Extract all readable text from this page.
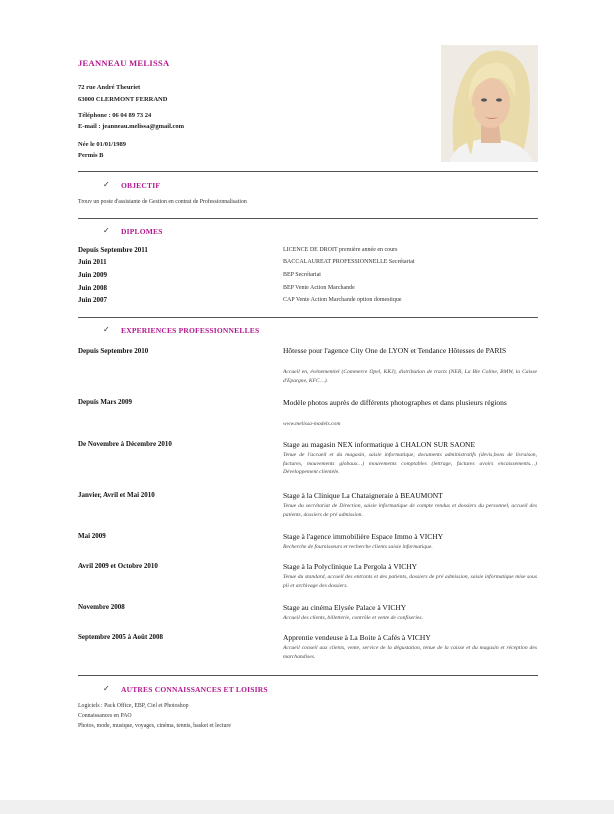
JEANNEAU MELISSA
72 rue André Theuriet
63000 CLERMONT FERRAND
Téléphone : 06 04 89 73 24
E-mail : jeanneau.melissa@gmail.com
Née le 01/01/1989
Permis B
✓ OBJECTIF
Trouv un poste d'assistante de Gestion en contrat de Professionnalisation
✓ DIPLOMES
Depuis Septembre 2011	LICENCE DE DROIT première année en cours
Juin 2011	BACCALAUREAT PROFESSIONNELLE Secrétariat
Juin 2009	BEP Secrétariat
Juin 2008	BEP Vente Action Marchande
Juin 2007	CAP Vente Action Marchande option domestique
✓ EXPERIENCES PROFESSIONNELLES
Depuis Septembre 2010	Hôtesse pour l'agence City One de LYON et Tendance Hôtesses de PARIS
Accueil en, événementiel (Commerce Opel, KKJ), distribution de tracts (NER, La Ble Coline, BMW, la Caisse d'Epargne, KFC…).
Depuis Mars 2009	Modèle photos auprès de différents photographes et dans plusieurs régions
www.melissa-models.com
De Novembre à Décembre 2010	Stage au magasin NEX informatique à CHALON SUR SAONE
Tenue de l'accueil et du magasin, saisie informatique, documents administratifs (devis,bons de livraison, factures, mouvements globaux…) mouvements comptables (lettrage, factures avoirs encaissements…) Développement clientèle.
Janvier, Avril et Mai 2010	Stage à la Clinique La Chataigneraie à BEAUMONT
Tenue du secrétariat de Direction, saisie informatique de compte rendus et dossiers du personnel, accueil des patients, dossiers de pré admission.
Mai 2009	Stage à l'agence immobilière Espace Immo à VICHY
Recherche de fournisseurs et recherche clients saisie informatique.
Avril 2009 et Octobre 2010	Stage à la Polyclinique La Pergola à VICHY
Tenue du standard, accueil des entrants et des patients, dossiers de pré admission, saisie informatique mise sous pli et archivage des dossiers.
Novembre 2008	Stage au cinéma Elysée Palace à VICHY
Accueil des clients, billetterie, contrôle et vente de confiseries.
Septembre 2005 à Août 2008	Apprentie vendeuse à La Boite à Cafés à VICHY
Accueil conseil aux clients, vente, service de la dégustation, tenue de la caisse et du magasin et réception des marchandises.
✓ AUTRES CONNAISSANCES ET LOISIRS
Logiciels : Pack Office, EBP, Ciel et Photoshop
Connaissances en PAO
Photos, mode, musique, voyages, cinéma, tennis, basket et lecture
